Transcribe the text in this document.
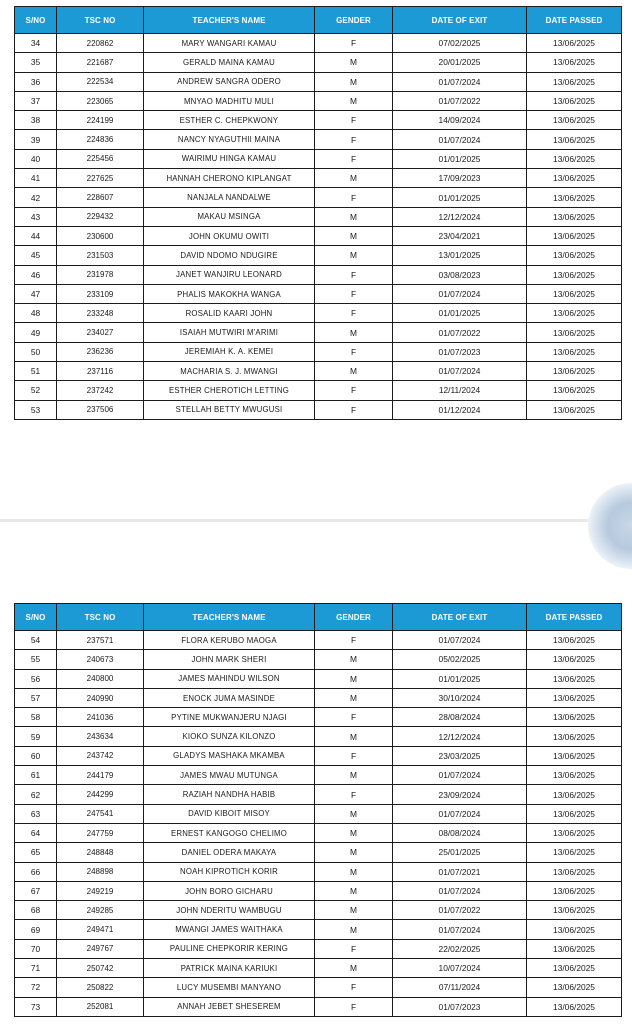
S/NO	TSC NO	TEACHER'S NAME	GENDER	DATE OF EXIT	DATE PASSED
34	220862	MARY WANGARI KAMAU	F	07/02/2025	13/06/2025
35	221687	GERALD MAINA KAMAU	M	20/01/2025	13/06/2025
36	222534	ANDREW SANGRA ODERO	M	01/07/2024	13/06/2025
37	223065	MNYAO MADHITU MULI	M	01/07/2022	13/06/2025
38	224199	ESTHER C. CHEPKWONY	F	14/09/2024	13/06/2025
39	224836	NANCY NYAGUTHII MAINA	F	01/07/2024	13/06/2025
40	225456	WAIRIMU HINGA KAMAU	F	01/01/2025	13/06/2025
41	227625	HANNAH CHERONO KIPLANGAT	M	17/09/2023	13/06/2025
42	228607	NANJALA NANDALWE	F	01/01/2025	13/06/2025
43	229432	MAKAU MSINGA	M	12/12/2024	13/06/2025
44	230600	JOHN OKUMU OWITI	M	23/04/2021	13/06/2025
45	231503	DAVID NDOMO NDUGIRE	M	13/01/2025	13/06/2025
46	231978	JANET WANJIRU LEONARD	F	03/08/2023	13/06/2025
47	233109	PHALIS MAKOKHA WANGA	F	01/07/2024	13/06/2025
48	233248	ROSALID KAARI JOHN	F	01/01/2025	13/06/2025
49	234027	ISAIAH MUTWIRI M'ARIMI	M	01/07/2022	13/06/2025
50	236236	JEREMIAH K. A. KEMEI	F	01/07/2023	13/06/2025
51	237116	MACHARIA S. J. MWANGI	M	01/07/2024	13/06/2025
52	237242	ESTHER CHEROTICH LETTING	F	12/11/2024	13/06/2025
53	237506	STELLAH BETTY MWUGUSI	F	01/12/2024	13/06/2025
S/NO	TSC NO	TEACHER'S NAME	GENDER	DATE OF EXIT	DATE PASSED
54	237571	FLORA KERUBO MAOGA	F	01/07/2024	13/06/2025
55	240673	JOHN MARK SHERI	M	05/02/2025	13/06/2025
56	240800	JAMES MAHINDU WILSON	M	01/01/2025	13/06/2025
57	240990	ENOCK JUMA MASINDE	M	30/10/2024	13/06/2025
58	241036	PYTINE MUKWANJERU NJAGI	F	28/08/2024	13/06/2025
59	243634	KIOKO SUNZA KILONZO	M	12/12/2024	13/06/2025
60	243742	GLADYS MASHAKA MKAMBA	F	23/03/2025	13/06/2025
61	244179	JAMES MWAU MUTUNGA	M	01/07/2024	13/06/2025
62	244299	RAZIAH NANDHA HABIB	F	23/09/2024	13/06/2025
63	247541	DAVID KIBOIT MISOY	M	01/07/2024	13/06/2025
64	247759	ERNEST KANGOGO CHELIMO	M	08/08/2024	13/06/2025
65	248848	DANIEL ODERA MAKAYA	M	25/01/2025	13/06/2025
66	248898	NOAH KIPROTICH KORIR	M	01/07/2021	13/06/2025
67	249219	JOHN BORO GICHARU	M	01/07/2024	13/06/2025
68	249285	JOHN NDERITU WAMBUGU	M	01/07/2022	13/06/2025
69	249471	MWANGI JAMES WAITHAKA	M	01/07/2024	13/06/2025
70	249767	PAULINE CHEPKORIR KERING	F	22/02/2025	13/06/2025
71	250742	PATRICK MAINA KARIUKI	M	10/07/2024	13/06/2025
72	250822	LUCY MUSEMBI MANYANO	F	07/11/2024	13/06/2025
73	252081	ANNAH JEBET SHESEREM	F	01/07/2023	13/06/2025
